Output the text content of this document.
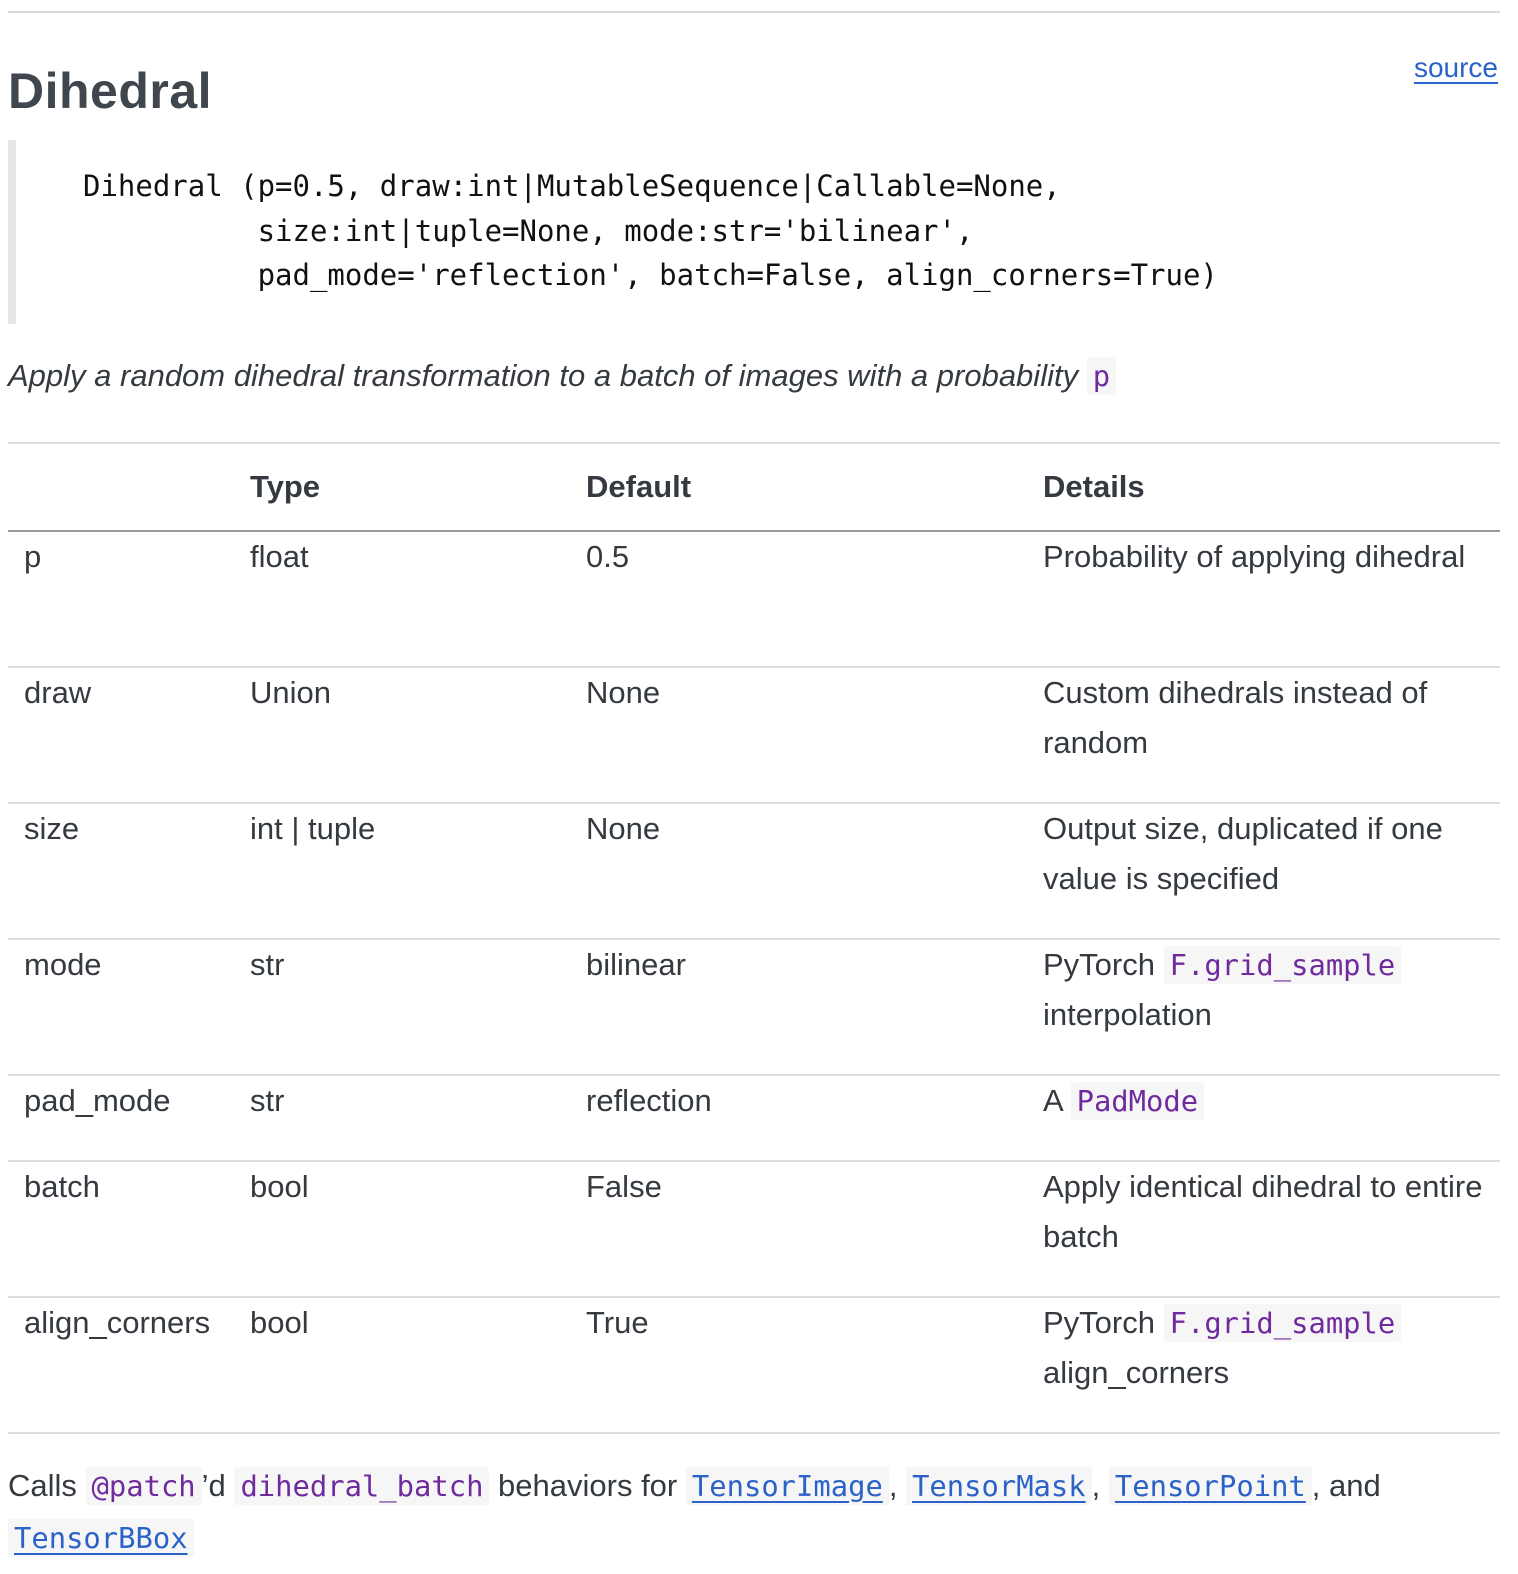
source
Dihedral
Dihedral (p=0.5, draw:int|MutableSequence|Callable=None,
size:int|tuple=None, mode:str='bilinear',
pad_mode='reflection', batch=False, align_corners=True)

Apply a random dihedral transformation to a batch of images with a probability p

	Type	Default	Details
p	float	0.5	Probability of applying dihedral
draw	Union	None	Custom dihedrals instead of random
size	int | tuple	None	Output size, duplicated if one value is specified
mode	str	bilinear	PyTorch F.grid_sample
interpolation
pad_mode	str	reflection	A PadMode
batch	bool	False	Apply identical dihedral to entire batch
align_corners	bool	True	PyTorch F.grid_sample
align_corners

Calls @patch ’d dihedral_batch behaviors for TensorImage , TensorMask , TensorPoint , and
TensorBBox
